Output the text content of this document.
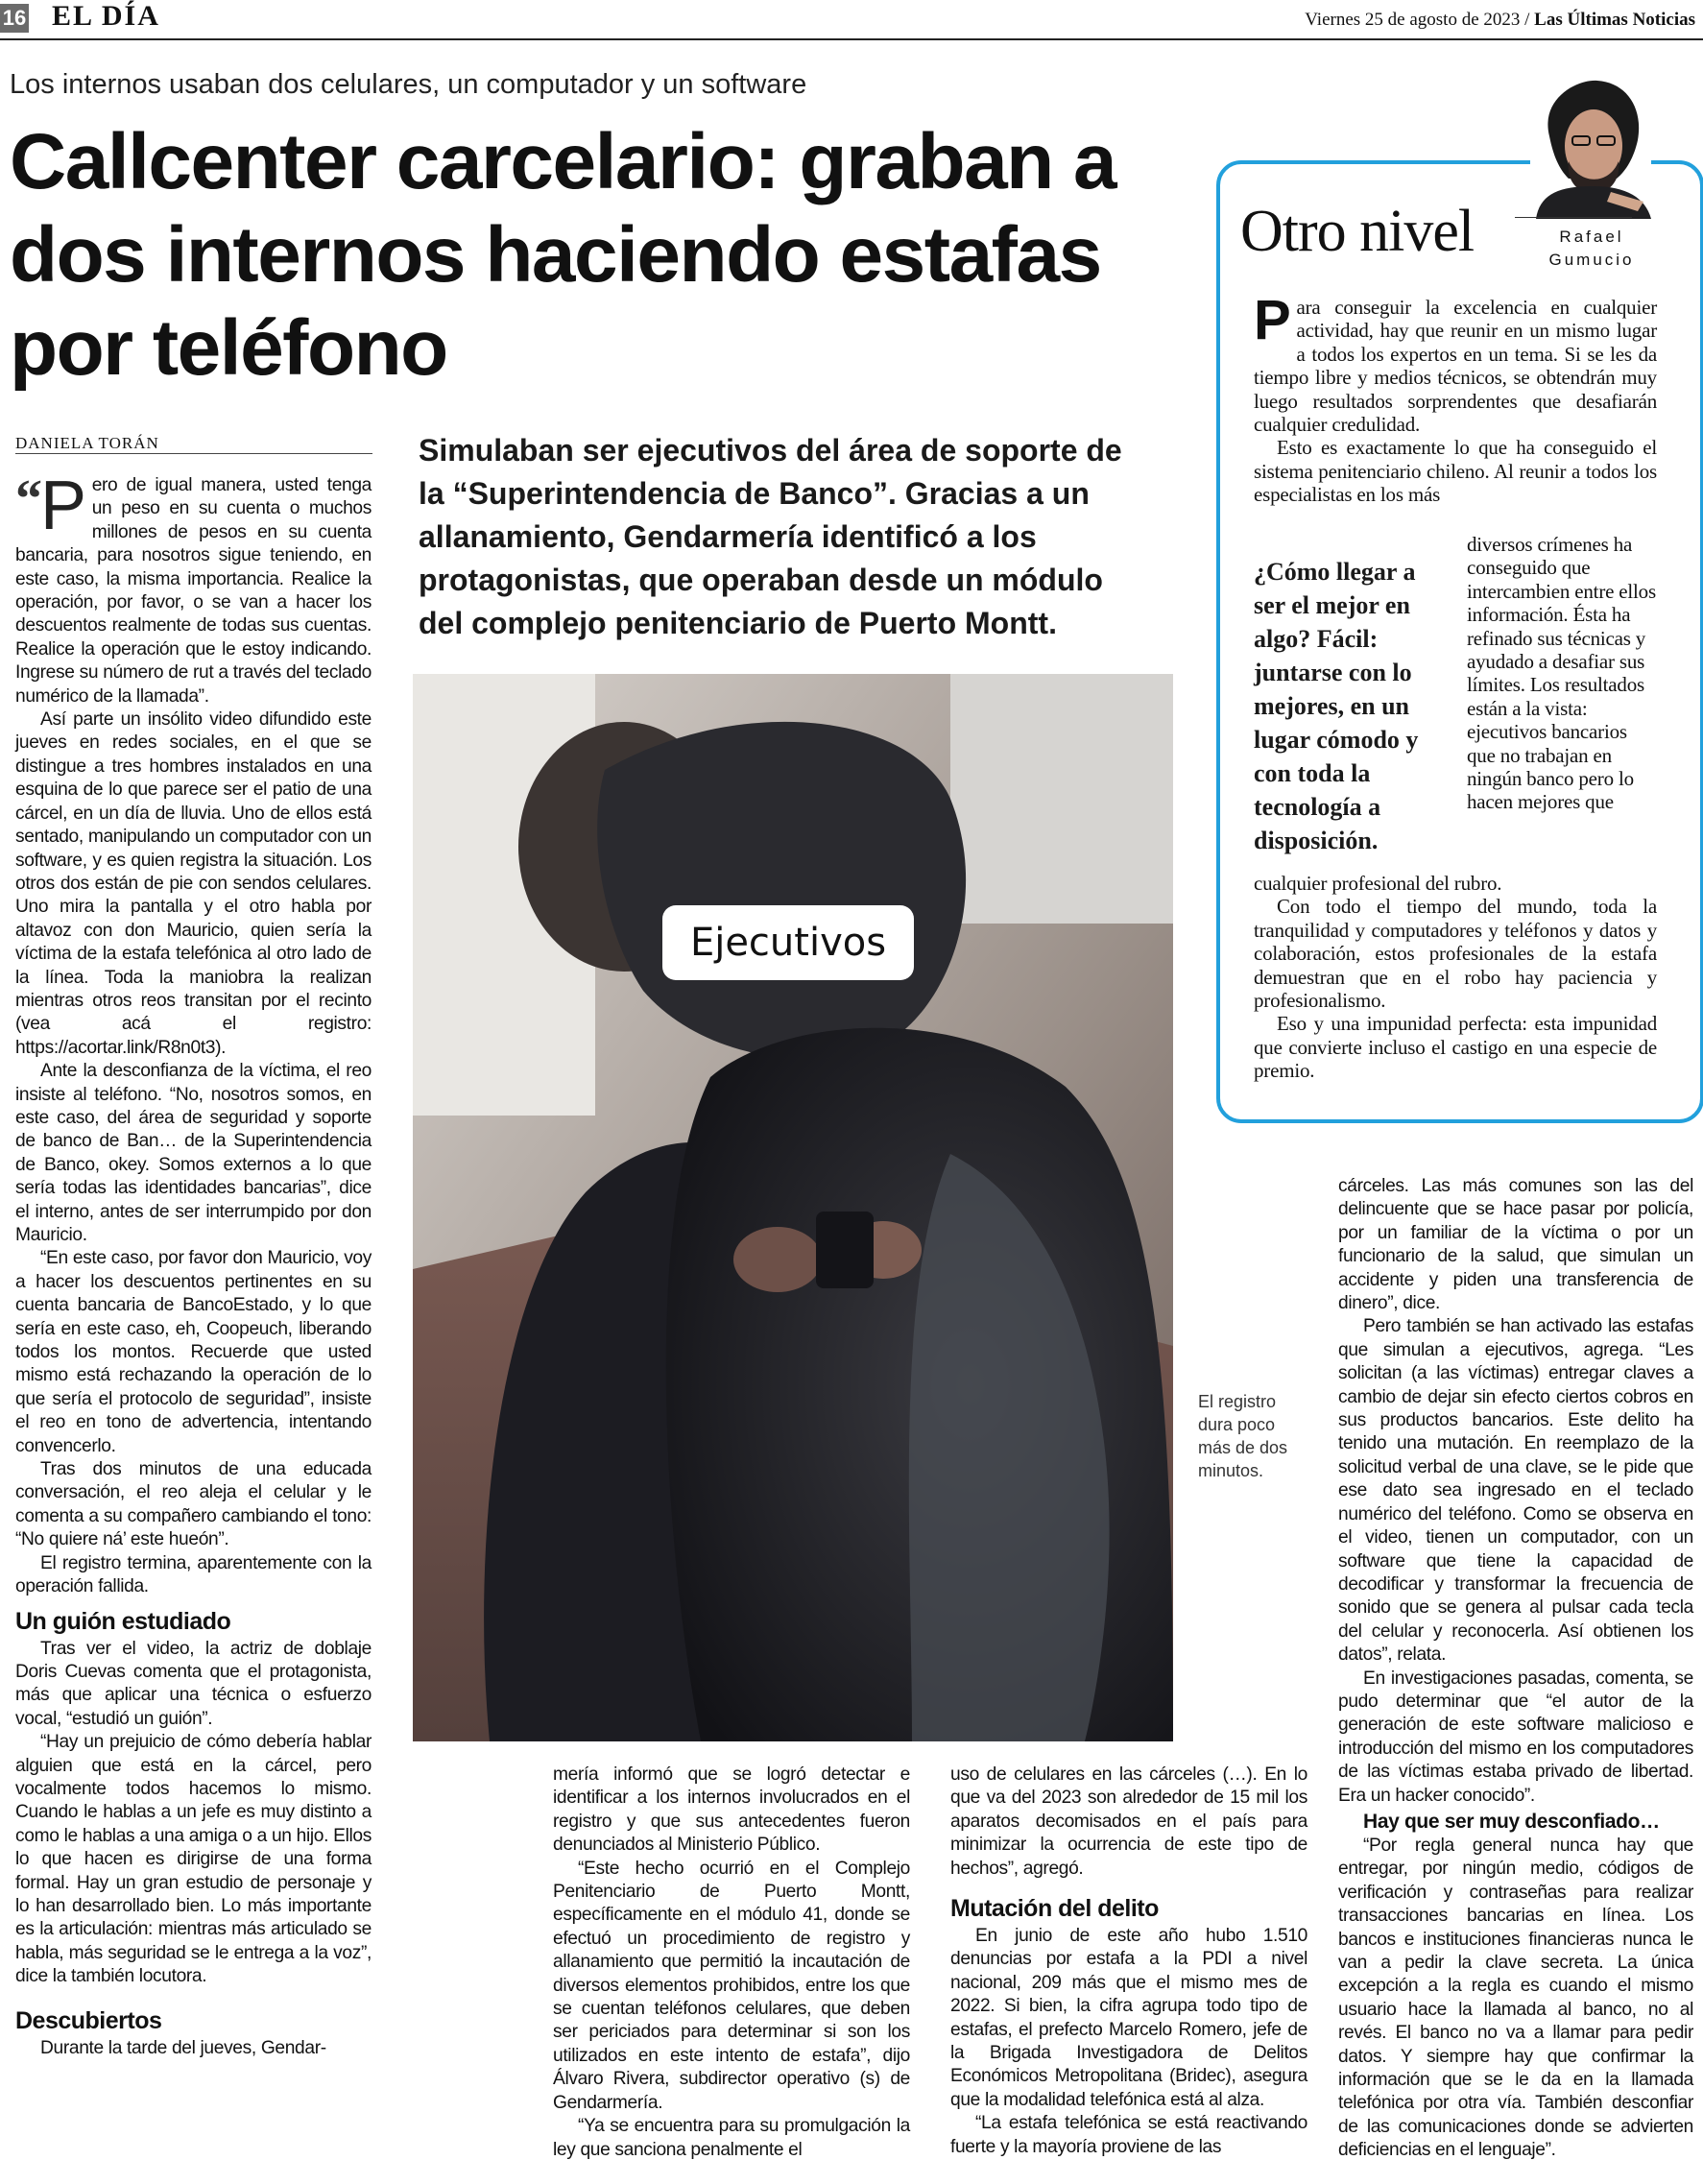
16 EL DÍA	Viernes 25 de agosto de 2023 / Las Últimas Noticias
Los internos usaban dos celulares, un computador y un software
Callcenter carcelario: graban a dos internos haciendo estafas por teléfono
DANIELA TORÁN	Simulaban ser ejecutivos del área de soporte de la “Superintendencia de Banco”. Gracias a un allanamiento, Gendarmería identificó a los protagonistas, que operaban desde un módulo del complejo penitenciario de Puerto Montt.

“ P ero de igual manera, usted tenga un peso en su cuenta o muchos millones de pesos en su cuenta bancaria, para nosotros sigue teniendo, en este caso, la misma importancia. Realice la operación, por favor, o se van a hacer los descuentos realmente de todas sus cuentas. Realice la operación que le estoy indicando. Ingrese su número de rut a través del teclado numérico de la llamada”.

Así parte un insólito video difundido este jueves en redes sociales, en el que se distingue a tres hombres instalados en una esquina de lo que parece ser el patio de una cárcel, en un día de lluvia. Uno de ellos está sentado, manipulando un computador con un software, y es quien registra la situación. Los otros dos están de pie con sendos celulares. Uno mira la pantalla y el otro habla por altavoz con don Mauricio, quien sería la víctima de la estafa telefónica al otro lado de la línea. Toda la maniobra la realizan mientras otros reos transitan por el recinto (vea acá el registro: https://acortar.link/R8n0t3).

Ante la desconfianza de la víctima, el reo insiste al teléfono. “No, nosotros somos, en este caso, del área de seguridad y soporte de banco de Ban… de la Superintendencia de Banco, okey. Somos externos a lo que sería todas las identidades bancarias”, dice el interno, antes de ser interrumpido por don Mauricio.

“En este caso, por favor don Mauricio, voy a hacer los descuentos pertinentes en su cuenta bancaria de BancoEstado, y lo que sería en este caso, eh, Coopeuch, liberando todos los montos. Recuerde que usted mismo está rechazando la operación de lo que sería el protocolo de seguridad”, insiste el reo en tono de advertencia, intentando convencerlo.

Tras dos minutos de una educada conversación, el reo aleja el celular y le comenta a su compañero cambiando el tono: “No quiere ná’ este hueón”.

El registro termina, aparentemente con la operación fallida.

Un guión estudiado

Tras ver el video, la actriz de doblaje Doris Cuevas comenta que el protagonista, más que aplicar una técnica o esfuerzo vocal, “estudió un guión”.

“Hay un prejuicio de cómo debería hablar alguien que está en la cárcel, pero vocalmente todos hacemos lo mismo. Cuando le hablas a un jefe es muy distinto a como le hablas a una amiga o a un hijo. Ellos lo que hacen es dirigirse de una forma formal. Hay un gran estudio de personaje y lo han desarrollado bien. Lo más importante es la articulación: mientras más articulado se habla, más seguridad se le entrega a la voz”, dice la también locutora.

Descubiertos

Durante la tarde del jueves, Gendar-

Ejecutivos
El registro dura poco más de dos minutos.

mería informó que se logró detectar e identificar a los internos involucrados en el registro y que sus antecedentes fueron denunciados al Ministerio Público.

“Este hecho ocurrió en el Complejo Penitenciario de Puerto Montt, específicamente en el módulo 41, donde se efectuó un procedimiento de registro y allanamiento que permitió la incautación de diversos elementos prohibidos, entre los que se cuentan teléfonos celulares, que deben ser periciados para determinar si son los utilizados en este intento de estafa”, dijo Álvaro Rivera, subdirector operativo (s) de Gendarmería.

“Ya se encuentra para su promulgación la ley que sanciona penalmente el

uso de celulares en las cárceles (…). En lo que va del 2023 son alrededor de 15 mil los aparatos decomisados en el país para minimizar la ocurrencia de este tipo de hechos”, agregó.

Mutación del delito

En junio de este año hubo 1.510 denuncias por estafa a la PDI a nivel nacional, 209 más que el mismo mes de 2022. Si bien, la cifra agrupa todo tipo de estafas, el prefecto Marcelo Romero, jefe de la Brigada Investigadora de Delitos Económicos Metropolitana (Bridec), asegura que la modalidad telefónica está al alza.

“La estafa telefónica se está reactivando fuerte y la mayoría proviene de las

cárceles. Las más comunes son las del delincuente que se hace pasar por policía, por un familiar de la víctima o por un funcionario de la salud, que simulan un accidente y piden una transferencia de dinero”, dice.

Pero también se han activado las estafas que simulan a ejecutivos, agrega. “Les solicitan (a las víctimas) entregar claves a cambio de dejar sin efecto ciertos cobros en sus productos bancarios. Este delito ha tenido una mutación. En reemplazo de la solicitud verbal de una clave, se le pide que ese dato sea ingresado en el teclado numérico del teléfono. Como se observa en el video, tienen un computador, con un software que tiene la capacidad de decodificar y transformar la frecuencia de sonido que se genera al pulsar cada tecla del celular y reconocerla. Así obtienen los datos”, relata.

En investigaciones pasadas, comenta, se pudo determinar que “el autor de la generación de este software malicioso e introducción del mismo en los computadores de las víctimas estaba privado de libertad. Era un hacker conocido”.

Hay que ser muy desconfiado…

“Por regla general nunca hay que entregar, por ningún medio, códigos de verificación y contraseñas para realizar transacciones bancarias en línea. Los bancos e instituciones financieras nunca le van a pedir la clave secreta. La única excepción a la regla es cuando el mismo usuario hace la llamada al banco, no al revés. El banco no va a llamar para pedir datos. Y siempre hay que confirmar la información que se le da en la llamada telefónica por otra vía. También desconfiar de las comunicaciones donde se advierten deficiencias en el lenguaje”.

Otro nivel	Rafael
Gumucio

Para conseguir la excelencia en cualquier actividad, hay que reunir en un mismo lugar a todos los expertos en un tema. Si se les da tiempo libre y medios técnicos, se obtendrán muy luego resultados sorprendentes que desafiarán cualquier credulidad.

Esto es exactamente lo que ha conseguido el sistema penitenciario chileno. Al reunir a todos los especialistas en los más

¿Cómo llegar a ser el mejor en algo? Fácil: juntarse con lo mejores, en un lugar cómodo y con toda la tecnología a disposición.

diversos crímenes ha conseguido que intercambien entre ellos información. Ésta ha refinado sus técnicas y ayudado a desafiar sus límites. Los resultados están a la vista: ejecutivos bancarios que no trabajan en ningún banco pero lo hacen mejores que

cualquier profesional del rubro.

Con todo el tiempo del mundo, toda la tranquilidad y computadores y teléfonos y datos y colaboración, estos profesionales de la estafa demuestran que en el robo hay paciencia y profesionalismo.

Eso y una impunidad perfecta: esta impunidad que convierte incluso el castigo en una especie de premio.
